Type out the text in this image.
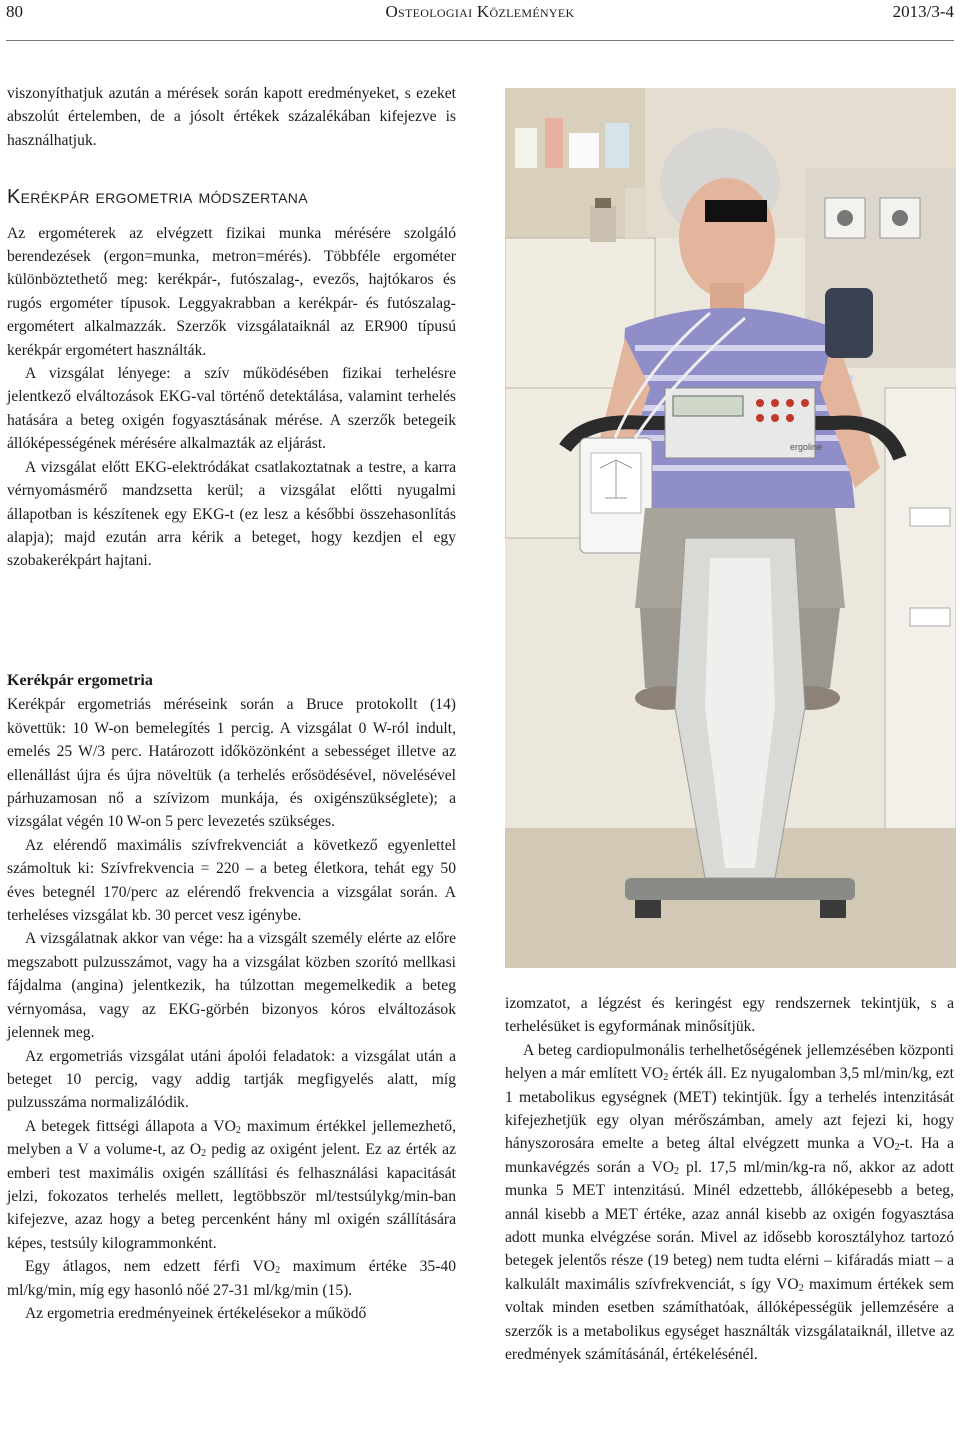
80	Osteologiai Közlemények	2013/3-4

viszonyíthatjuk azután a mérések során kapott eredményeket, s ezeket abszolút értelemben, de a jósolt értékek százalékában kifejezve is használhatjuk.

Kerékpár ergometria módszertana

Az ergométerek az elvégzett fizikai munka mérésére szolgáló berendezések (ergon=munka, metron=mérés). Többféle ergométer különböztethető meg: kerékpár-, futószalag-, evezős, hajtókaros és rugós ergométer típusok. Leggyakrabban a kerékpár- és futószalag-ergométert alkalmazzák. Szerzők vizsgálataiknál az ER900 típusú kerékpár ergométert használták.

A vizsgálat lényege: a szív működésében fizikai terhelésre jelentkező elváltozások EKG-val történő detektálása, valamint terhelés hatására a beteg oxigén fogyasztásának mérése. A szerzők betegeik állóképességének mérésére alkalmazták az eljárást.

A vizsgálat előtt EKG-elektródákat csatlakoztatnak a testre, a karra vérnyomásmérő mandzsetta kerül; a vizsgálat előtti nyugalmi állapotban is készítenek egy EKG-t (ez lesz a későbbi összehasonlítás alapja); majd ezután arra kérik a beteget, hogy kezdjen el egy szobakerékpárt hajtani.

Kerékpár ergometria

Kerékpár ergometriás méréseink során a Bruce protokollt (14) követtük: 10 W-on bemelegítés 1 percig. A vizsgálat 0 W-ról indult, emelés 25 W/3 perc. Határozott időközönként a sebességet illetve az ellenállást újra és újra növeltük (a terhelés erősödésével, növelésével párhuzamosan nő a szívizom munkája, és oxigénszükséglete); a vizsgálat végén 10 W-on 5 perc levezetés szükséges.

Az elérendő maximális szívfrekvenciát a következő egyenlettel számoltuk ki: Szívfrekvencia = 220 – a beteg életkora, tehát egy 50 éves betegnél 170/perc az elérendő frekvencia a vizsgálat során. A terheléses vizsgálat kb. 30 percet vesz igénybe.

A vizsgálatnak akkor van vége: ha a vizsgált személy elérte az előre megszabott pulzusszámot, vagy ha a vizsgálat közben szorító mellkasi fájdalma (angina) jelentkezik, ha túlzottan megemelkedik a beteg vérnyomása, vagy az EKG-görbén bizonyos kóros elváltozások jelennek meg.

Az ergometriás vizsgálat utáni ápolói feladatok: a vizsgálat után a beteget 10 percig, vagy addig tartják megfigyelés alatt, míg pulzusszáma normalizálódik.

A betegek fittségi állapota a $VO_2$ maximum értékkel jellemezhető, melyben a V a volume-t, az $O_2$ pedig az oxigént jelent. Ez az érték az emberi test maximális oxigén szállítási és felhasználási kapacitását jelzi, fokozatos terhelés mellett, legtöbbször ml/testsúlykg/min-ban kifejezve, azaz hogy a beteg percenként hány ml oxigén szállítására képes, testsúly kilogrammonként.

Egy átlagos, nem edzett férfi $VO_2$ maximum értéke 35-40 ml/kg/min, míg egy hasonló nőé 27-31 ml/kg/min (15).

Az ergometria eredményeinek értékelésekor a működő

izomzatot, a légzést és keringést egy rendszernek tekintjük, s a terhelésüket is egyformának minősítjük.

A beteg cardiopulmonális terhelhetőségének jellemzésében központi helyen a már említett $VO_2$ érték áll. Ez nyugalomban 3,5 ml/min/kg, ezt 1 metabolikus egységnek (MET) tekintjük. Így a terhelés intenzitását kifejezhetjük egy olyan mérőszámban, amely azt fejezi ki, hogy hányszorosára emelte a beteg által elvégzett munka a $VO_2-t$. Ha a munkavégzés során a $VO_2$ pl. 17,5 ml/min/kg-ra nő, akkor az adott munka 5 MET intenzitású. Minél edzettebb, állóképesebb a beteg, annál kisebb a MET értéke, azaz annál kisebb az oxigén fogyasztása adott munka elvégzése során. Mivel az idősebb korosztályhoz tartozó betegek jelentős része (19 beteg) nem tudta elérni – kifáradás miatt – a kalkulált maximális szívfrekvenciát, s így $VO_2$ maximum értékek sem voltak minden esetben számíthatóak, állóképességük jellemzésére a szerzők is a metabolikus egységet használták vizsgálataiknál, illetve az eredmények számításánál, értékelésénél.

ergoline
